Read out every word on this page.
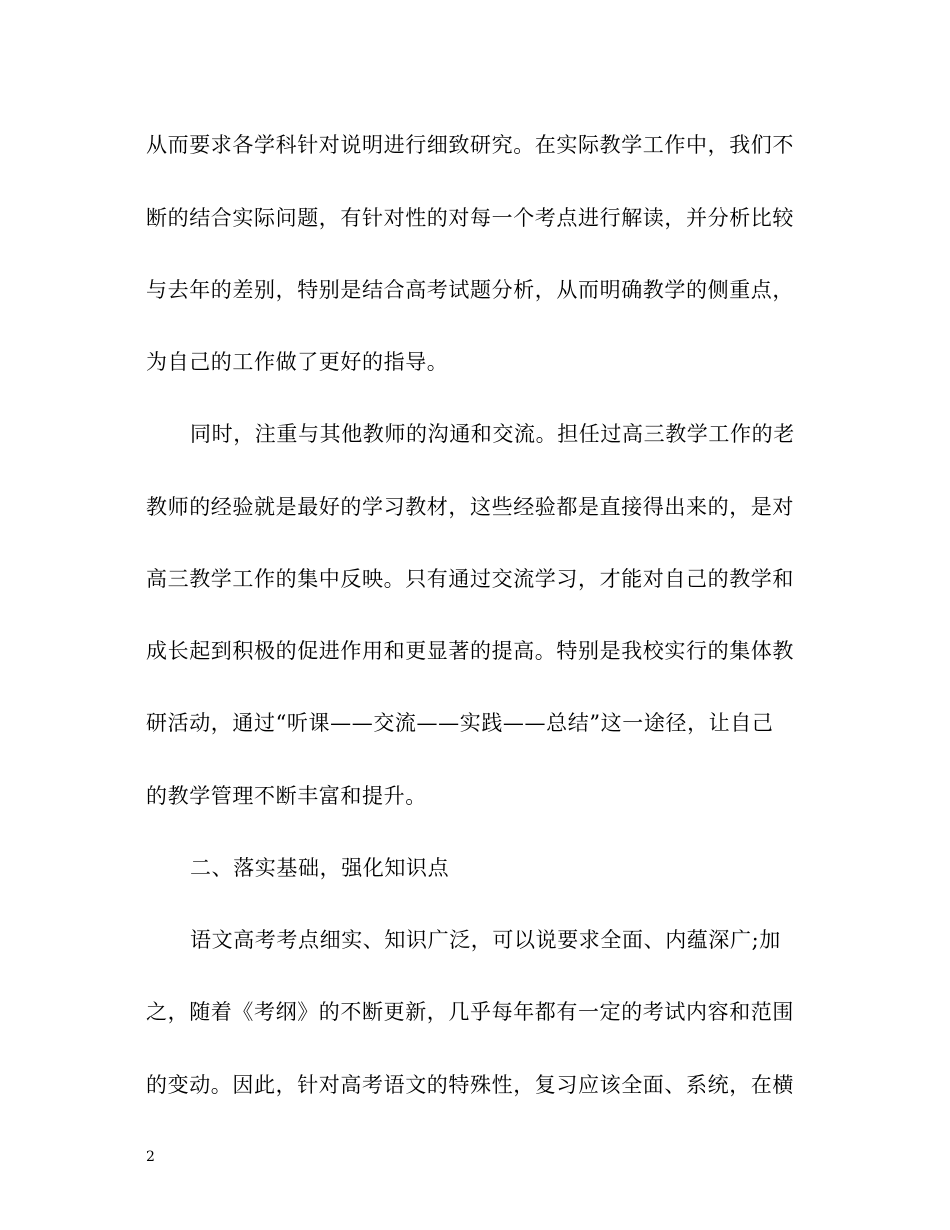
从而要求各学科针对说明进行细致研究。在实际教学工作中，我们不
断的结合实际问题，有针对性的对每一个考点进行解读，并分析比较
与去年的差别，特别是结合高考试题分析，从而明确教学的侧重点，
为自己的工作做了更好的指导。
同时，注重与其他教师的沟通和交流。担任过高三教学工作的老
教师的经验就是最好的学习教材，这些经验都是直接得出来的，是对
高三教学工作的集中反映。只有通过交流学习，才能对自己的教学和
成长起到积极的促进作用和更显著的提高。特别是我校实行的集体教
研活动，通过“听课——交流——实践——总结”这一途径，让自己
的教学管理不断丰富和提升。
二、落实基础，强化知识点
语文高考考点细实、知识广泛，可以说要求全面、内蕴深广;加
之，随着《考纲》的不断更新，几乎每年都有一定的考试内容和范围
的变动。因此，针对高考语文的特殊性，复习应该全面、系统，在横
2
